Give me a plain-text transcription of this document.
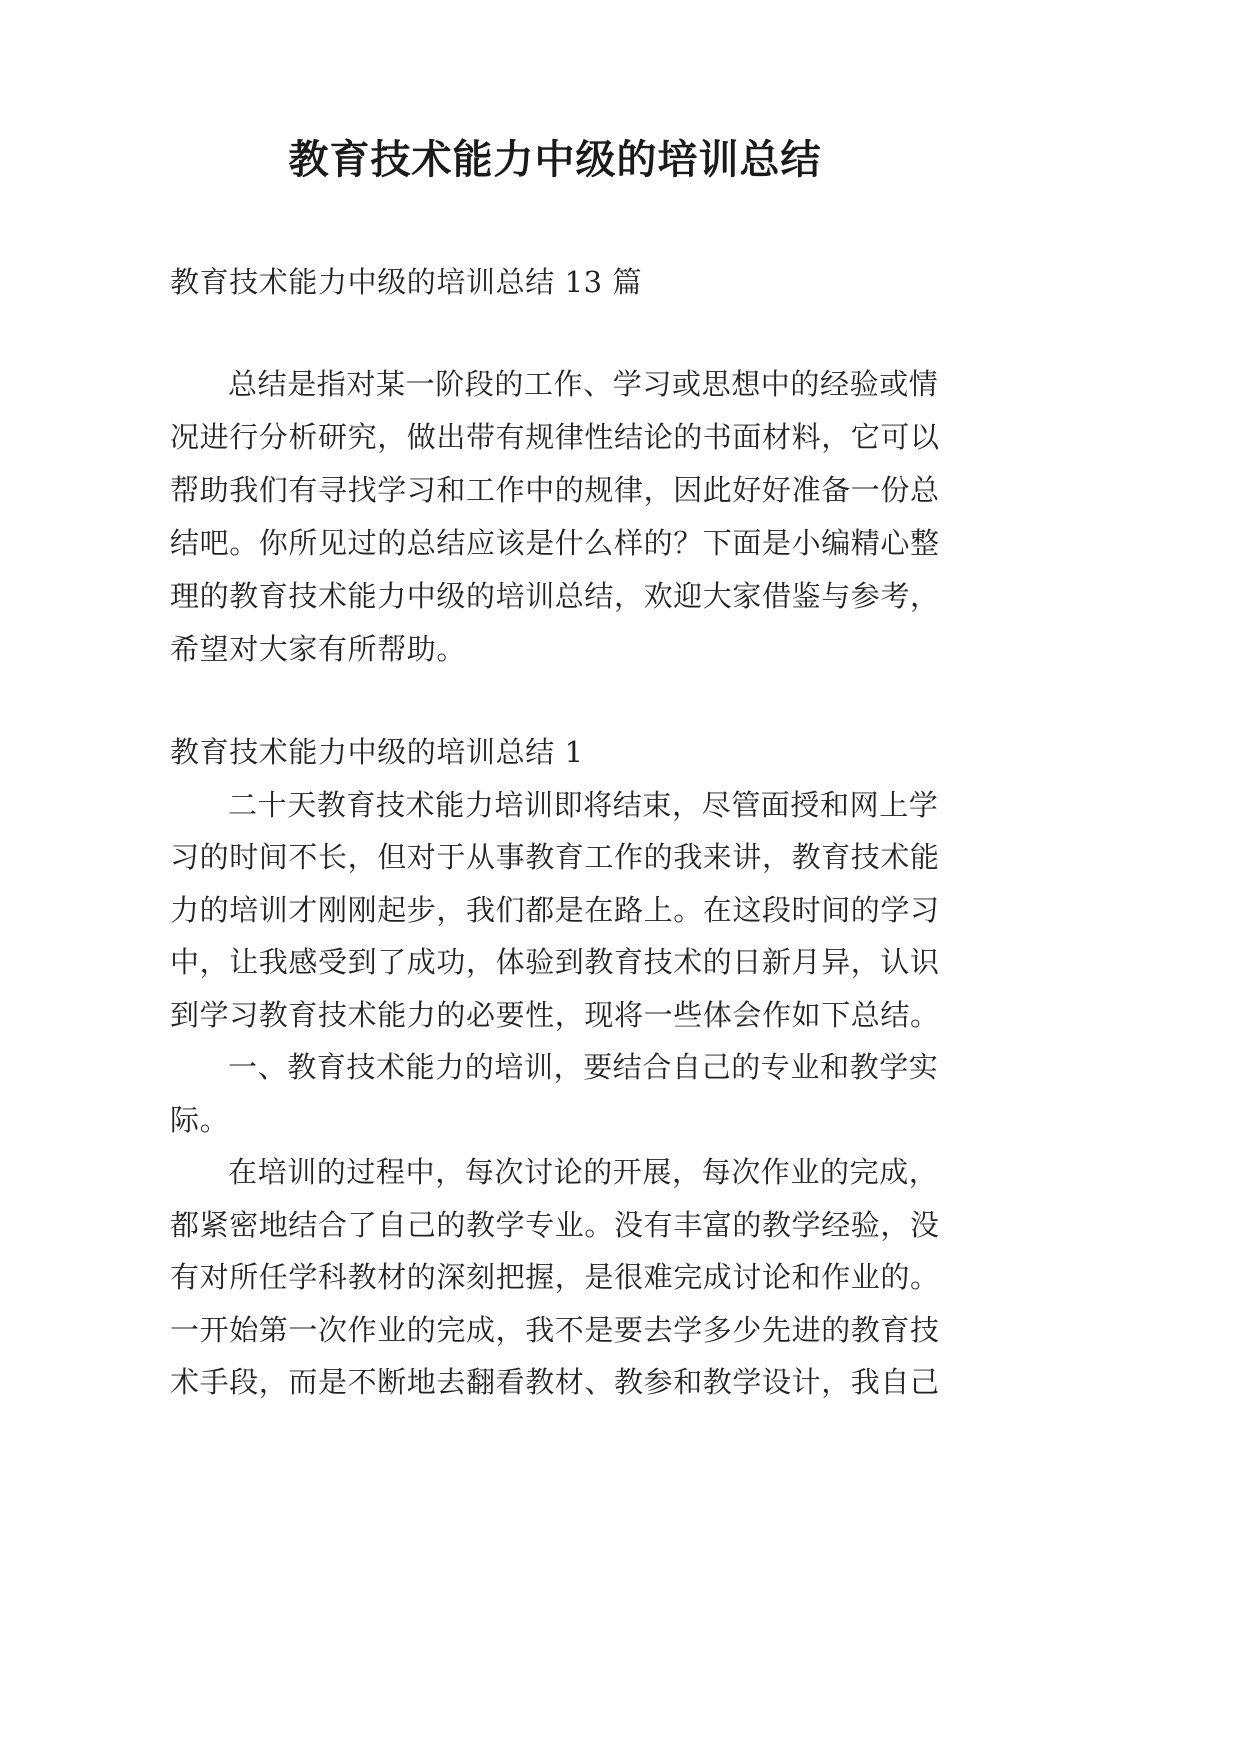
教育技术能力中级的培训总结
教育技术能力中级的培训总结 13 篇
总结是指对某一阶段的工作、学习或思想中的经验或情
况进行分析研究，做出带有规律性结论的书面材料，它可以
帮助我们有寻找学习和工作中的规律，因此好好准备一份总
结吧。你所见过的总结应该是什么样的？下面是小编精心整
理的教育技术能力中级的培训总结，欢迎大家借鉴与参考，
希望对大家有所帮助。
教育技术能力中级的培训总结 1
二十天教育技术能力培训即将结束，尽管面授和网上学
习的时间不长，但对于从事教育工作的我来讲，教育技术能
力的培训才刚刚起步，我们都是在路上。在这段时间的学习
中，让我感受到了成功，体验到教育技术的日新月异，认识
到学习教育技术能力的必要性，现将一些体会作如下总结。
一、教育技术能力的培训，要结合自己的专业和教学实
际。
在培训的过程中，每次讨论的开展，每次作业的完成，
都紧密地结合了自己的教学专业。没有丰富的教学经验，没
有对所任学科教材的深刻把握，是很难完成讨论和作业的。
一开始第一次作业的完成，我不是要去学多少先进的教育技
术手段，而是不断地去翻看教材、教参和教学设计，我自己
